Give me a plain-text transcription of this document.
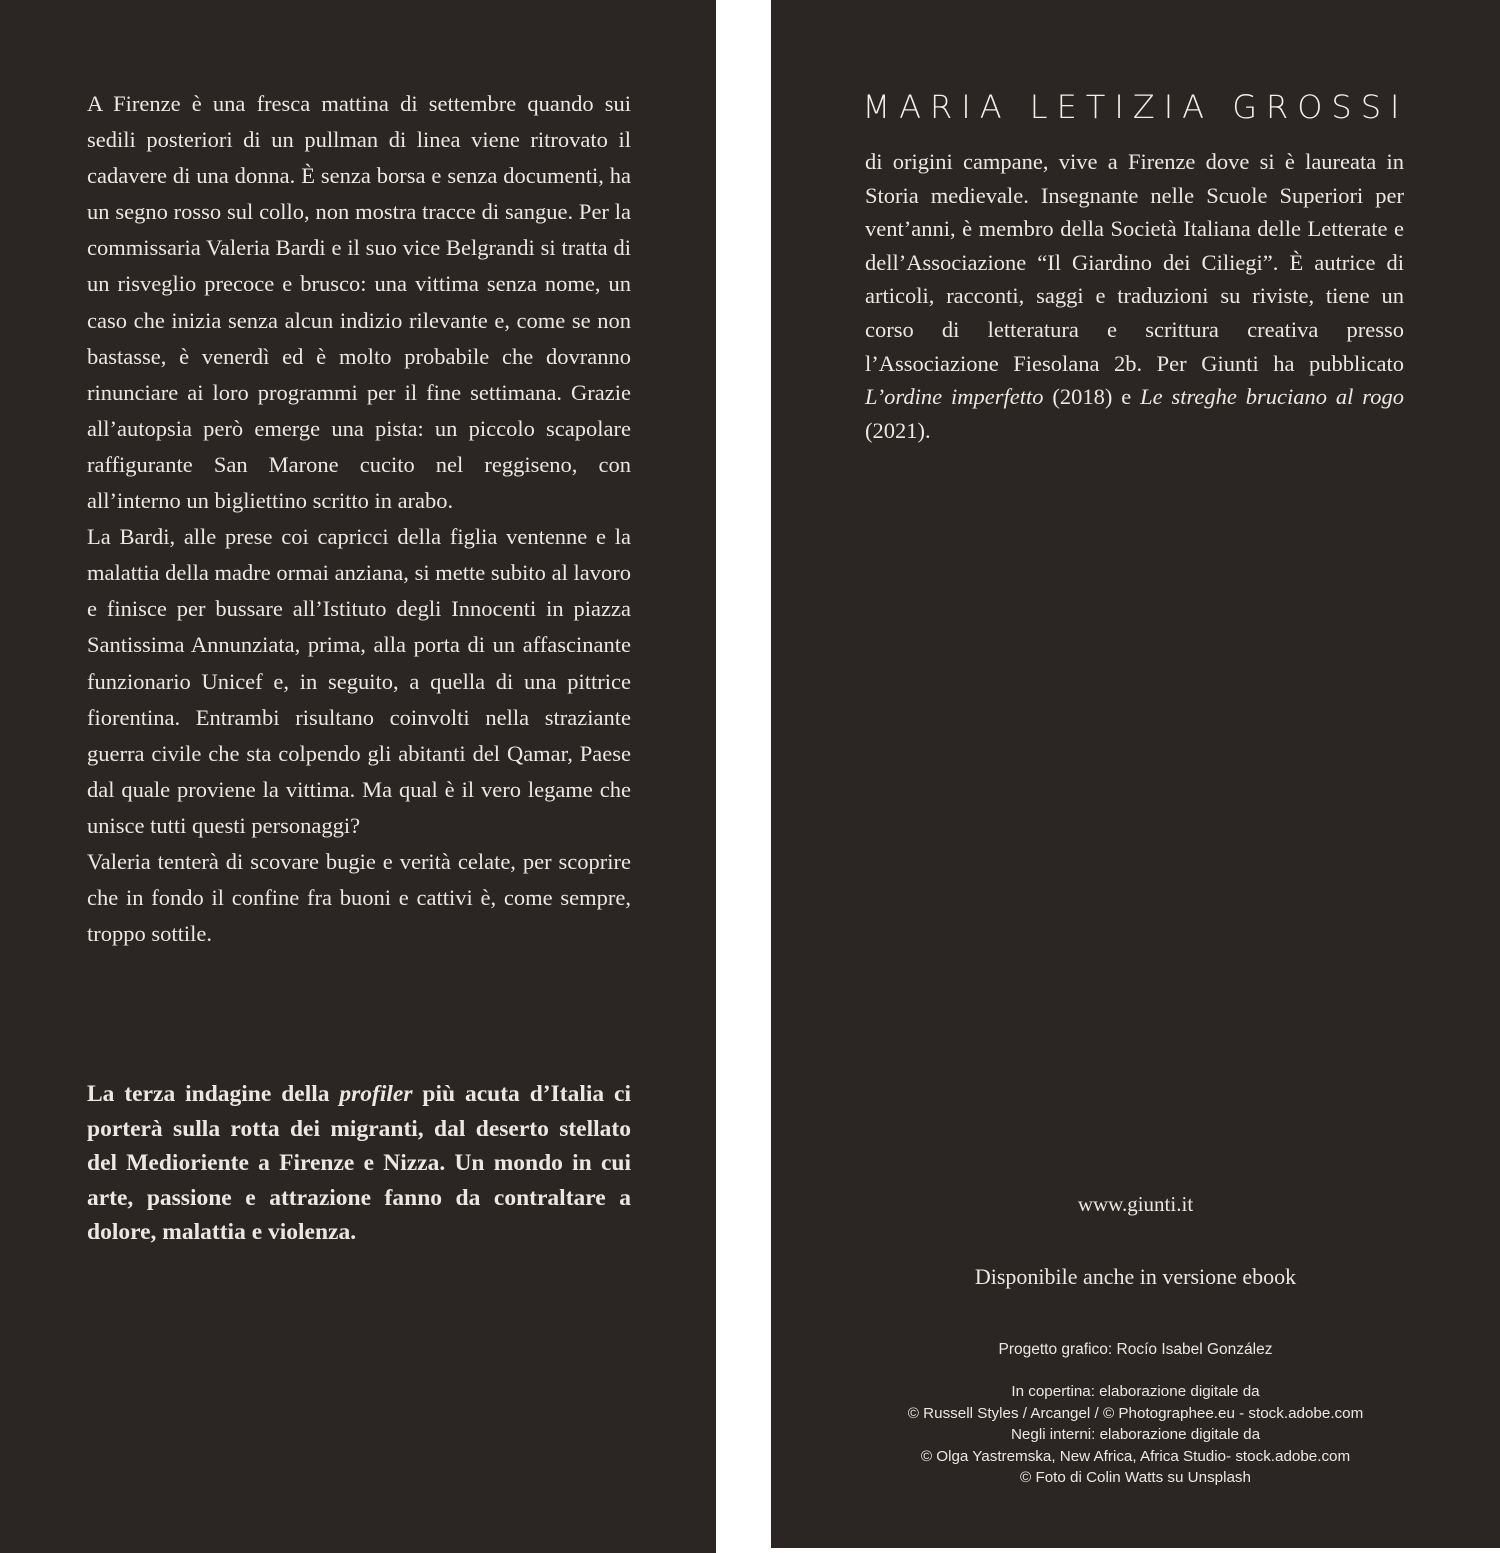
A Firenze è una fresca mattina di settembre quando sui sedili posteriori di un pullman di linea viene ritrovato il cadavere di una donna. È senza borsa e senza documenti, ha un segno rosso sul collo, non mostra tracce di sangue. Per la commissaria Valeria Bardi e il suo vice Belgrandi si tratta di un risveglio precoce e brusco: una vittima senza nome, un caso che inizia senza alcun indizio rilevante e, come se non bastasse, è venerdì ed è molto probabile che dovranno rinunciare ai loro programmi per il fine settimana. Grazie all’autopsia però emerge una pista: un piccolo scapolare raffigurante San Marone cucito nel reggiseno, con all’interno un bigliettino scritto in arabo.

La Bardi, alle prese coi capricci della figlia ventenne e la malattia della madre ormai anziana, si mette subito al lavoro e finisce per bussare all’Istituto degli Innocenti in piazza Santissima Annunziata, prima, alla porta di un affascinante funzionario Unicef e, in seguito, a quella di una pittrice fiorentina. Entrambi risultano coinvolti nella straziante guerra civile che sta colpendo gli abitanti del Qamar, Paese dal quale proviene la vittima. Ma qual è il vero legame che unisce tutti questi personaggi?

Valeria tenterà di scovare bugie e verità celate, per scoprire che in fondo il confine fra buoni e cattivi è, come sempre, troppo sottile.

La terza indagine della profiler più acuta d’Italia ci porterà sulla rotta dei migranti, dal deserto stellato del Medioriente a Firenze e Nizza. Un mondo in cui arte, passione e attrazione fanno da contraltare a dolore, malattia e violenza.
MARIA LETIZIA GROSSI

di origini campane, vive a Firenze dove si è laureata in Storia medievale. Insegnante nelle Scuole Superiori per vent’anni, è membro della Società Italiana delle Letterate e dell’Associazione “Il Giardino dei Ciliegi”. È autrice di articoli, racconti, saggi e traduzioni su riviste, tiene un corso di letteratura e scrittura creativa presso l’Associazione Fiesolana 2b. Per Giunti ha pubblicato L’ordine imperfetto (2018) e Le streghe bruciano al rogo (2021).

www.giunti.it
Disponibile anche in versione ebook
Progetto grafico: Rocío Isabel González
In copertina: elaborazione digitale da
© Russell Styles / Arcangel / © Photographee.eu - stock.adobe.com
Negli interni: elaborazione digitale da
© Olga Yastremska, New Africa, Africa Studio- stock.adobe.com
© Foto di Colin Watts su Unsplash
